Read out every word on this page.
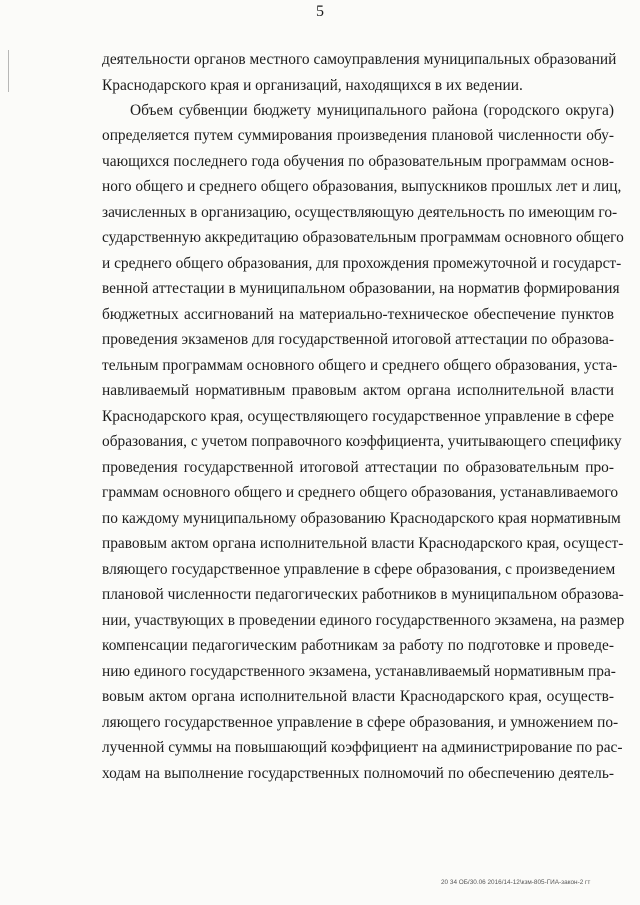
5
деятельности органов местного самоуправления муниципальных образований
Краснодарского края и организаций, находящихся в их ведении.
Объем субвенции бюджету муниципального района (городского округа)
определяется путем суммирования произведения плановой численности обу-
чающихся последнего года обучения по образовательным программам основ-
ного общего и среднего общего образования, выпускников прошлых лет и лиц,
зачисленных в организацию, осуществляющую деятельность по имеющим го-
сударственную аккредитацию образовательным программам основного общего
и среднего общего образования, для прохождения промежуточной и государст-
венной аттестации в муниципальном образовании, на норматив формирования
бюджетных ассигнований на материально-техническое обеспечение пунктов
проведения экзаменов для государственной итоговой аттестации по образова-
тельным программам основного общего и среднего общего образования, уста-
навливаемый нормативным правовым актом органа исполнительной власти
Краснодарского края, осуществляющего государственное управление в сфере
образования, с учетом поправочного коэффициента, учитывающего специфику
проведения государственной итоговой аттестации по образовательным про-
граммам основного общего и среднего общего образования, устанавливаемого
по каждому муниципальному образованию Краснодарского края нормативным
правовым актом органа исполнительной власти Краснодарского края, осущест-
вляющего государственное управление в сфере образования, с произведением
плановой численности педагогических работников в муниципальном образова-
нии, участвующих в проведении единого государственного экзамена, на размер
компенсации педагогическим работникам за работу по подготовке и проведе-
нию единого государственного экзамена, устанавливаемый нормативным пра-
вовым актом органа исполнительной власти Краснодарского края, осуществ-
ляющего государственное управление в сфере образования, и умножением по-
лученной суммы на повышающий коэффициент на администрирование по рас-
ходам на выполнение государственных полномочий по обеспечению деятель-
20 34 ОБ/30.06 2016/14-12\кзм-805-ГИА-закон-2 гт
